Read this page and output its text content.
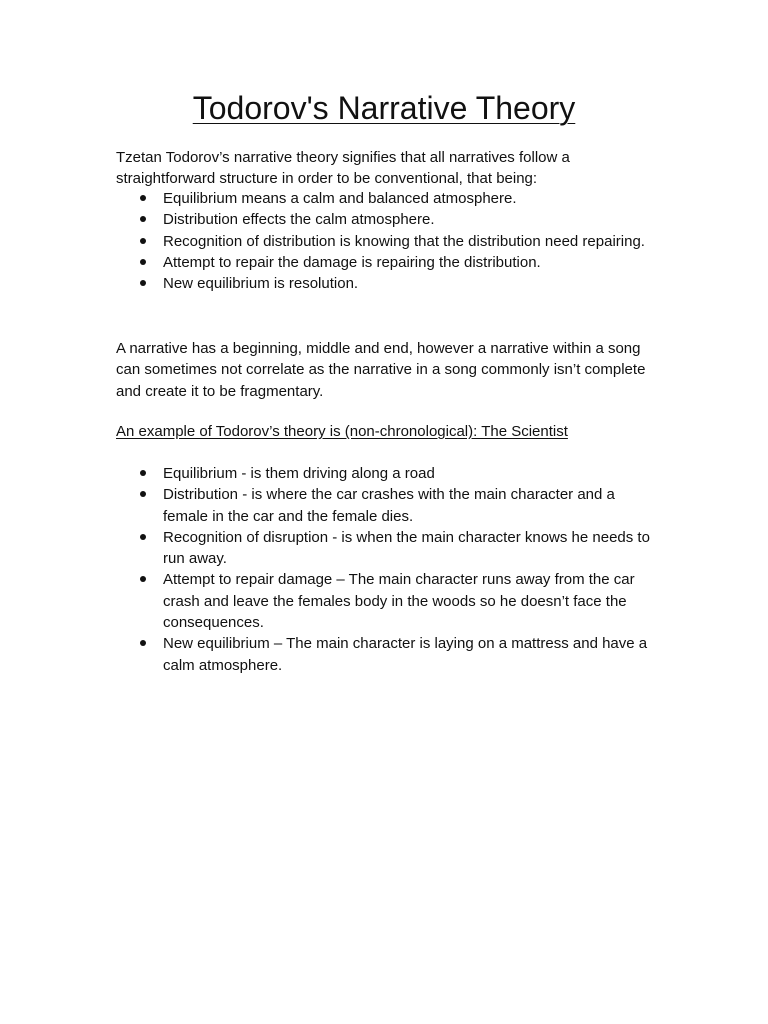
Todorov's Narrative Theory

Tzetan Todorov’s narrative theory signifies that all narratives follow a straightforward structure in order to be conventional, that being:

Equilibrium means a calm and balanced atmosphere.
Distribution effects the calm atmosphere.
Recognition of distribution is knowing that the distribution need repairing.
Attempt to repair the damage is repairing the distribution.
New equilibrium is resolution.

A narrative has a beginning, middle and end, however a narrative within a song can sometimes not correlate as the narrative in a song commonly isn’t complete and create it to be fragmentary.

An example of Todorov’s theory is (non-chronological): The Scientist

Equilibrium - is them driving along a road
Distribution - is where the car crashes with the main character and a female in the car and the female dies.
Recognition of disruption - is when the main character knows he needs to run away.
Attempt to repair damage – The main character runs away from the car crash and leave the females body in the woods so he doesn’t face the consequences.
New equilibrium – The main character is laying on a mattress and have a calm atmosphere.
